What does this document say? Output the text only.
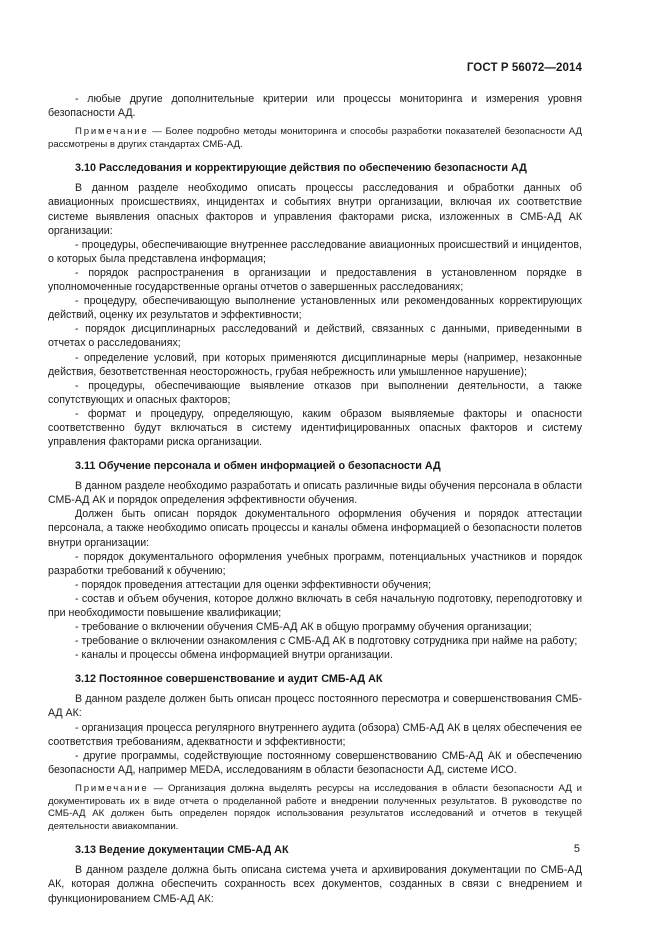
ГОСТ Р 56072—2014

- любые другие дополнительные критерии или процессы мониторинга и измерения уровня безопасности АД.

Примечание — Более подробно методы мониторинга и способы разработки показателей безопасности АД рассмотрены в других стандартах СМБ-АД.

3.10 Расследования и корректирующие действия по обеспечению безопасности АД

В данном разделе необходимо описать процессы расследования и обработки данных об авиационных происшествиях, инцидентах и событиях внутри организации, включая их соответствие системе выявления опасных факторов и управления факторами риска, изложенных в СМБ-АД АК организации:

- процедуры, обеспечивающие внутреннее расследование авиационных происшествий и инцидентов, о которых была представлена информация;

- порядок распространения в организации и предоставления в установленном порядке в уполномоченные государственные органы отчетов о завершенных расследованиях;

- процедуру, обеспечивающую выполнение установленных или рекомендованных корректирующих действий, оценку их результатов и эффективности;

- порядок дисциплинарных расследований и действий, связанных с данными, приведенными в отчетах о расследованиях;

- определение условий, при которых применяются дисциплинарные меры (например, незаконные действия, безответственная неосторожность, грубая небрежность или умышленное нарушение);

- процедуры, обеспечивающие выявление отказов при выполнении деятельности, а также сопутствующих и опасных факторов;

- формат и процедуру, определяющую, каким образом выявляемые факторы и опасности соответственно будут включаться в систему идентифицированных опасных факторов и систему управления факторами риска организации.

3.11 Обучение персонала и обмен информацией о безопасности АД

В данном разделе необходимо разработать и описать различные виды обучения персонала в области СМБ-АД АК и порядок определения эффективности обучения.

Должен быть описан порядок документального оформления обучения и порядок аттестации персонала, а также необходимо описать процессы и каналы обмена информацией о безопасности полетов внутри организации:

- порядок документального оформления учебных программ, потенциальных участников и порядок разработки требований к обучению;

- порядок проведения аттестации для оценки эффективности обучения;

- состав и объем обучения, которое должно включать в себя начальную подготовку, переподготовку и при необходимости повышение квалификации;

- требование о включении обучения СМБ-АД АК в общую программу обучения организации;

- требование о включении ознакомления с СМБ-АД АК в подготовку сотрудника при найме на работу;

- каналы и процессы обмена информацией внутри организации.

3.12 Постоянное совершенствование и аудит СМБ-АД АК

В данном разделе должен быть описан процесс постоянного пересмотра и совершенствования СМБ-АД АК:

- организация процесса регулярного внутреннего аудита (обзора) СМБ-АД АК в целях обеспечения ее соответствия требованиям, адекватности и эффективности;

- другие программы, содействующие постоянному совершенствованию СМБ-АД АК и обеспечению безопасности АД, например MEDA, исследованиям в области безопасности АД, системе ИСО.

Примечание — Организация должна выделять ресурсы на исследования в области безопасности АД и документировать их в виде отчета о проделанной работе и внедрении полученных результатов. В руководстве по СМБ-АД АК должен быть определен порядок использования результатов исследований и отчетов в текущей деятельности авиакомпании.

3.13 Ведение документации СМБ-АД АК

В данном разделе должна быть описана система учета и архивирования документации по СМБ-АД АК, которая должна обеспечить сохранность всех документов, созданных в связи с внедрением и функционированием СМБ-АД АК:

5
